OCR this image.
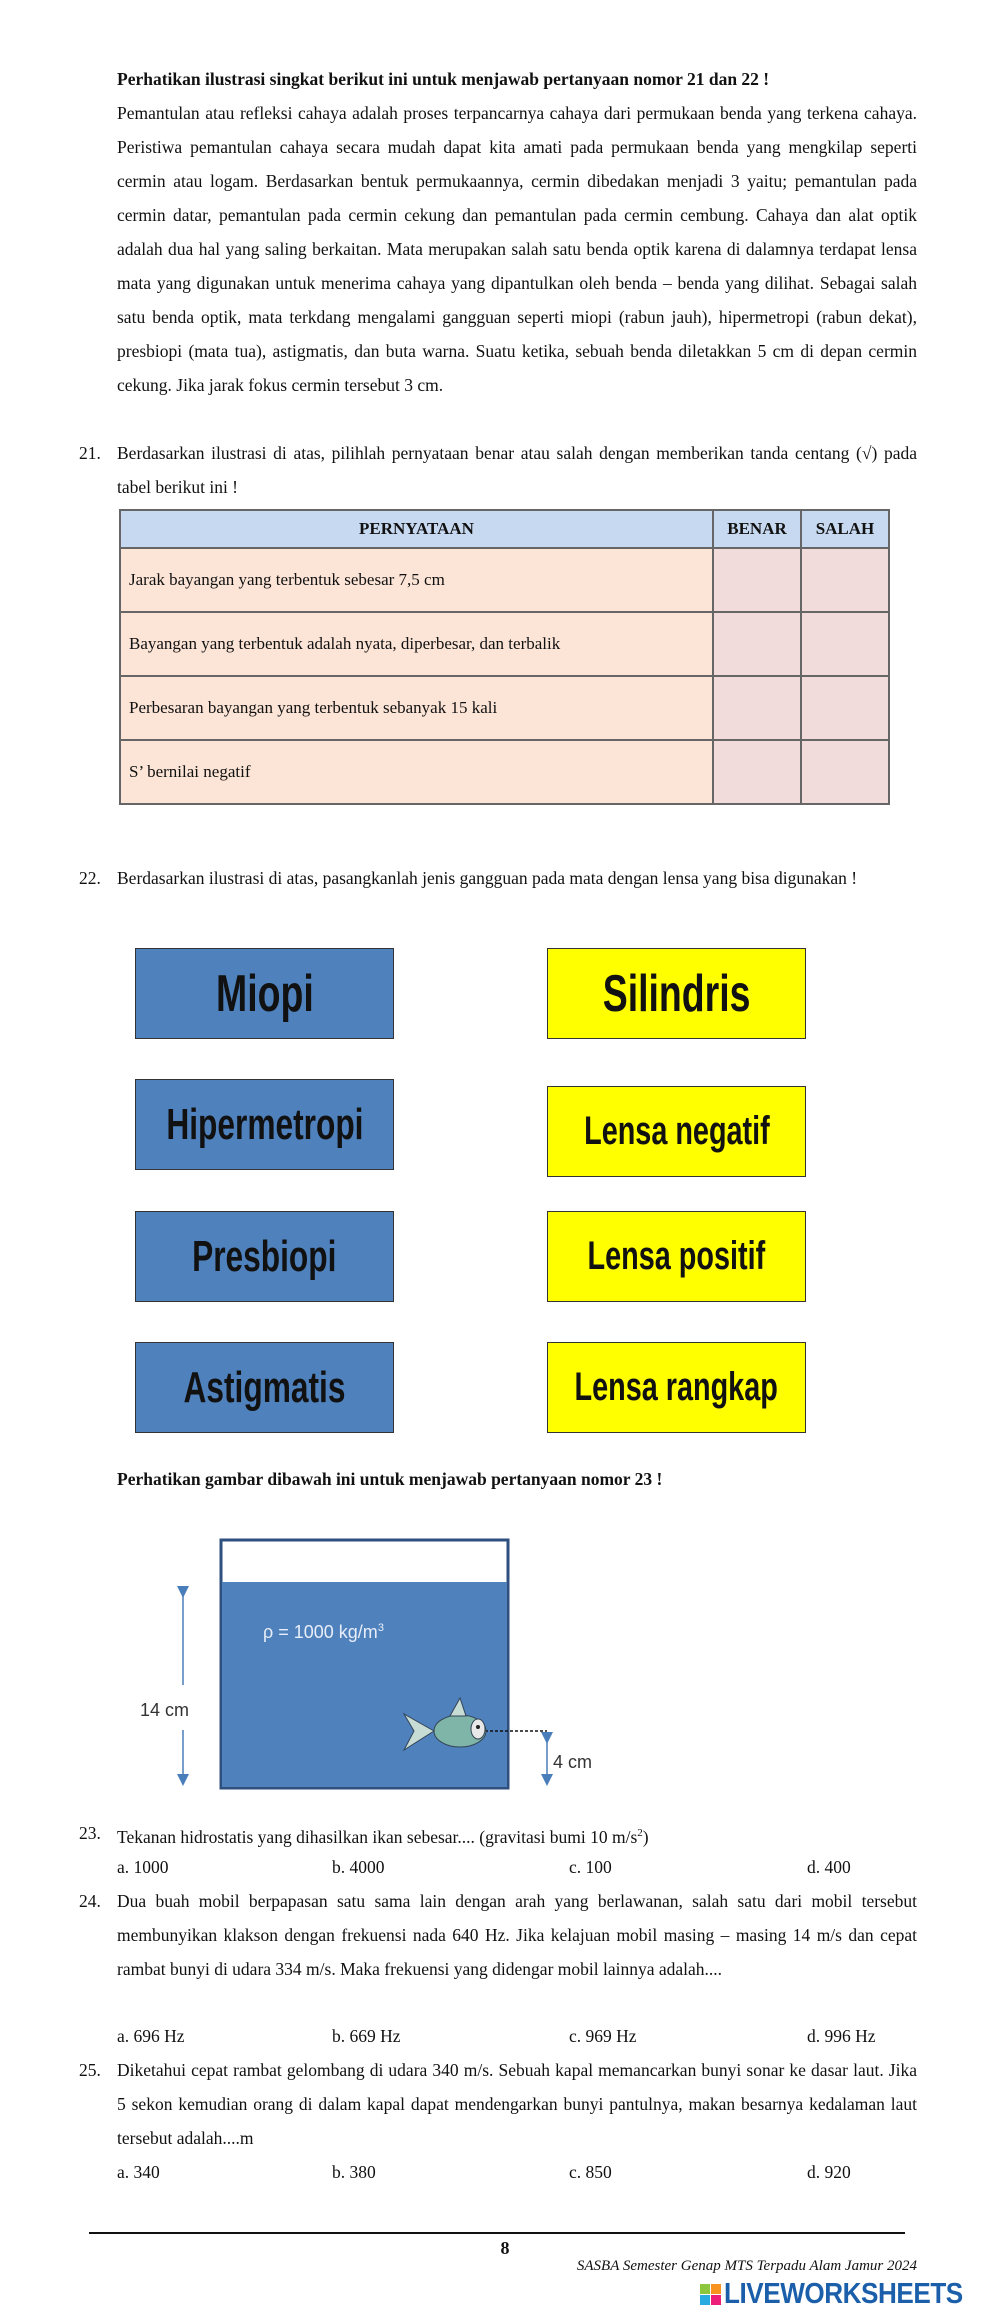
Perhatikan ilustrasi singkat berikut ini untuk menjawab pertanyaan nomor 21 dan 22 !
Pemantulan atau refleksi cahaya adalah proses terpancarnya cahaya dari permukaan benda yang terkena cahaya. Peristiwa pemantulan cahaya secara mudah dapat kita amati pada permukaan benda yang mengkilap seperti cermin atau logam. Berdasarkan bentuk permukaannya, cermin dibedakan menjadi 3 yaitu; pemantulan pada cermin datar, pemantulan pada cermin cekung dan pemantulan pada cermin cembung. Cahaya dan alat optik adalah dua hal yang saling berkaitan. Mata merupakan salah satu benda optik karena di dalamnya terdapat lensa mata yang digunakan untuk menerima cahaya yang dipantulkan oleh benda – benda yang dilihat. Sebagai salah satu benda optik, mata terkdang mengalami gangguan seperti miopi (rabun jauh), hipermetropi (rabun dekat), presbiopi (mata tua), astigmatis, dan buta warna. Suatu ketika, sebuah benda diletakkan 5 cm di depan cermin cekung. Jika jarak fokus cermin tersebut 3 cm.
21. Berdasarkan ilustrasi di atas, pilihlah pernyataan benar atau salah dengan memberikan tanda centang (√) pada tabel berikut ini !
PERNYATAAN	BENAR	SALAH
Jarak bayangan yang terbentuk sebesar 7,5 cm		
Bayangan yang terbentuk adalah nyata, diperbesar, dan terbalik		
Perbesaran bayangan yang terbentuk sebanyak 15 kali		
S’ bernilai negatif		
22. Berdasarkan ilustrasi di atas, pasangkanlah jenis gangguan pada mata dengan lensa yang bisa digunakan !
Miopi
Hipermetropi
Presbiopi
Astigmatis
Silindris
Lensa negatif
Lensa positif
Lensa rangkap
Perhatikan gambar dibawah ini untuk menjawab pertanyaan nomor 23 !
ρ = 1000 $kg/m^3$
14 cm
4 cm
23. Tekanan hidrostatis yang dihasilkan ikan sebesar.... (gravitasi bumi 10 $m/s^2$)
a. 1000	b. 4000	c. 100	d. 400
24. Dua buah mobil berpapasan satu sama lain dengan arah yang berlawanan, salah satu dari mobil tersebut membunyikan klakson dengan frekuensi nada 640 Hz. Jika kelajuan mobil masing – masing 14 m/s dan cepat rambat bunyi di udara 334 m/s. Maka frekuensi yang didengar mobil lainnya adalah....
a. 696 Hz	b. 669 Hz	c. 969 Hz	d. 996 Hz
25. Diketahui cepat rambat gelombang di udara 340 m/s. Sebuah kapal memancarkan bunyi sonar ke dasar laut. Jika 5 sekon kemudian orang di dalam kapal dapat mendengarkan bunyi pantulnya, makan besarnya kedalaman laut tersebut adalah....m
a. 340	b. 380	c. 850	d. 920
8
SASBA Semester Genap MTS Terpadu Alam Jamur 2024
LIVEWORKSHEETS
